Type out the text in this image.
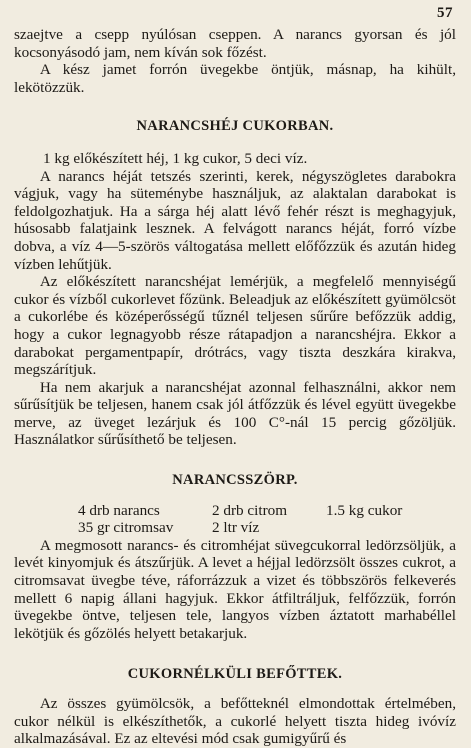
57

szaejtve a csepp nyúlósan cseppen. A narancs gyorsan és jól kocsonyásodó jam, nem kíván sok főzést.

A kész jamet forrón üvegekbe öntjük, másnap, ha kihült, lekötözzük.

NARANCSHÉJ CUKORBAN.

1 kg előkészített héj, 1 kg cukor, 5 deci víz.

A narancs héját tetszés szerinti, kerek, négyszögletes darabokra vágjuk, vagy ha süteménybe használjuk, az alaktalan darabokat is feldolgozhatjuk. Ha a sárga héj alatt lévő fehér részt is meghagyjuk, húsosabb falatjaink lesznek. A felvágott narancs héját, forró vízbe dobva, a víz 4—5-szörös váltogatása mellett előfőzzük és azután hideg vízben lehűtjük.

Az előkészített narancshéjat lemérjük, a megfelelő mennyiségű cukor és vízből cukorlevet főzünk. Beleadjuk az előkészített gyümölcsöt a cukorlébe és középerősségű tűznél teljesen sűrűre befőzzük addig, hogy a cukor legnagyobb része rátapadjon a narancshéjra. Ekkor a darabokat pergamentpapír, drótrács, vagy tiszta deszkára kirakva, megszárítjuk.

Ha nem akarjuk a narancshéjat azonnal felhasználni, akkor nem sűrűsítjük be teljesen, hanem csak jól átfőzzük és lével együtt üvegekbe merve, az üveget lezárjuk és 100 C°-nál 15 percig gőzöljük. Használatkor sűrűsíthető be teljesen.

NARANCSSZÖRP.
4 drb narancs	2 drb citrom	1.5 kg cukor
35 gr citromsav	2 ltr víz

A megmosott narancs- és citromhéjat süvegcukorral ledörzsöljük, a levét kinyomjuk és átszűrjük. A levet a héjjal ledörzsölt összes cukrot, a citromsavat üvegbe téve, ráforrázzuk a vizet és többszörös felkeverés mellett 6 napig állani hagyjuk. Ekkor átfiltráljuk, felfőzzük, forrón üvegekbe öntve, teljesen tele, langyos vízben áztatott marhabéllel lekötjük és gőzölés helyett betakarjuk.

CUKORNÉLKÜLI BEFŐTTEK.

Az összes gyümölcsök, a befőtteknél elmondottak értelmében, cukor nélkül is elkészíthetők, a cukorlé helyett tiszta hideg ivóvíz alkalmazásával. Ez az eltevési mód csak gumigyűrű és
